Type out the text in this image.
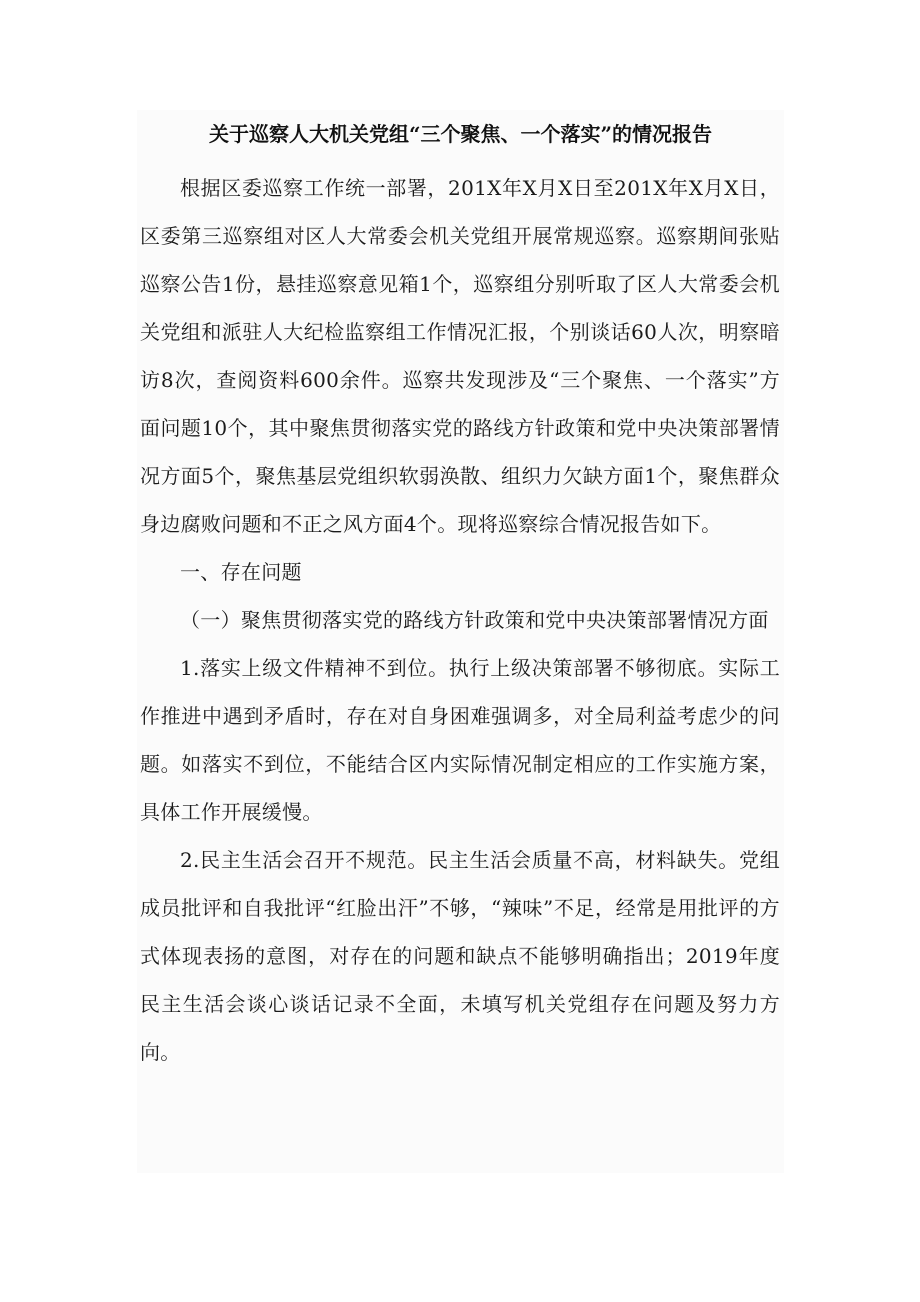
关于巡察人大机关党组“三个聚焦、一个落实”的情况报告

根据区委巡察工作统一部署，201X年X月X日至201X年X月X日，区委第三巡察组对区人大常委会机关党组开展常规巡察。巡察期间张贴巡察公告1份，悬挂巡察意见箱1个，巡察组分别听取了区人大常委会机关党组和派驻人大纪检监察组工作情况汇报，个别谈话60人次，明察暗访8次，查阅资料600余件。巡察共发现涉及“三个聚焦、一个落实”方面问题10个，其中聚焦贯彻落实党的路线方针政策和党中央决策部署情况方面5个，聚焦基层党组织软弱涣散、组织力欠缺方面1个，聚焦群众身边腐败问题和不正之风方面4个。现将巡察综合情况报告如下。

一、存在问题

（一）聚焦贯彻落实党的路线方针政策和党中央决策部署情况方面

1.落实上级文件精神不到位。执行上级决策部署不够彻底。实际工作推进中遇到矛盾时，存在对自身困难强调多，对全局利益考虑少的问题。如落实不到位，不能结合区内实际情况制定相应的工作实施方案，具体工作开展缓慢。

2.民主生活会召开不规范。民主生活会质量不高，材料缺失。党组成员批评和自我批评“红脸出汗”不够，“辣味”不足，经常是用批评的方式体现表扬的意图，对存在的问题和缺点不能够明确指出；2019年度民主生活会谈心谈话记录不全面，未填写机关党组存在问题及努力方向。
